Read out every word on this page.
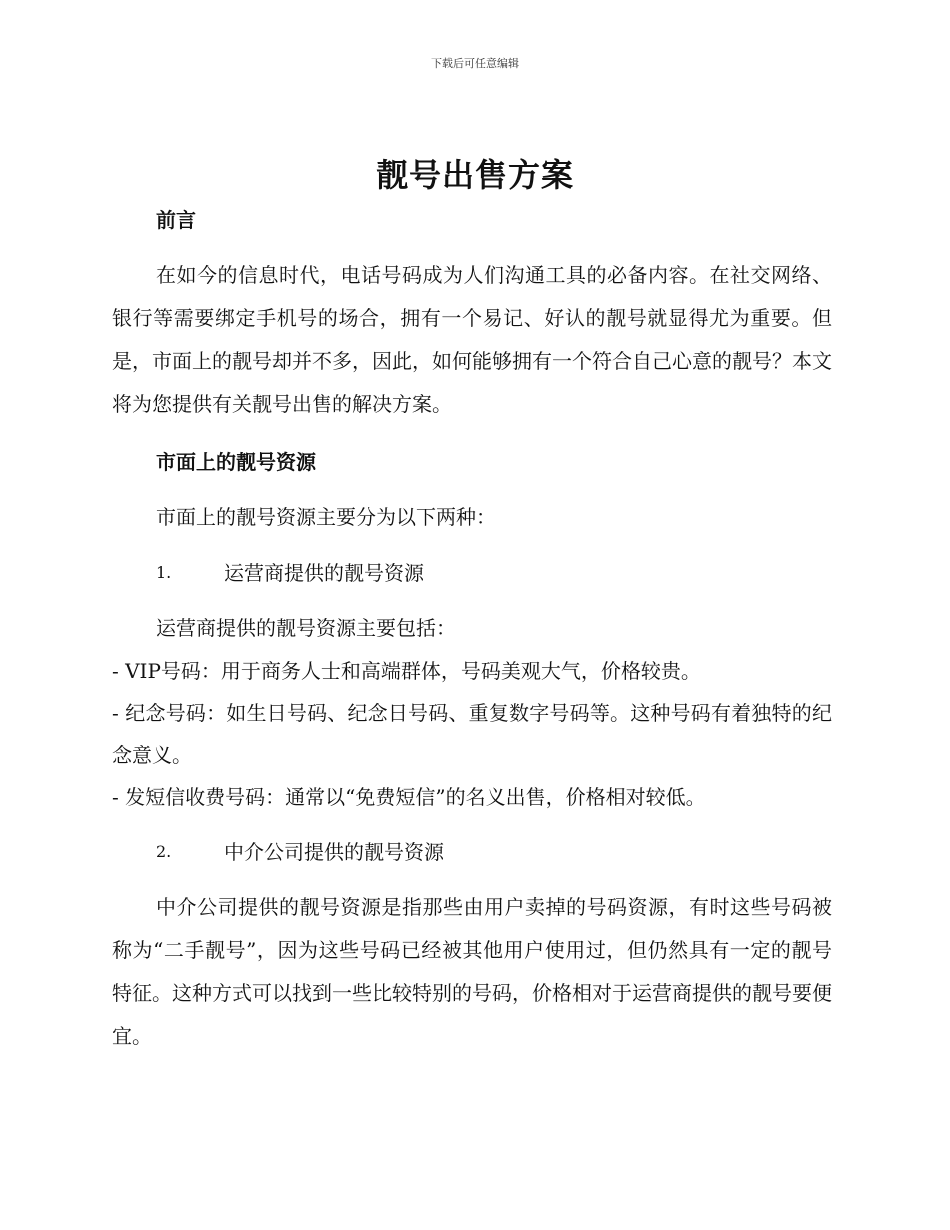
下载后可任意编辑
靓号出售方案
前言

在如今的信息时代，电话号码成为人们沟通工具的必备内容。在社交网络、银行等需要绑定手机号的场合，拥有一个易记、好认的靓号就显得尤为重要。但是，市面上的靓号却并不多，因此，如何能够拥有一个符合自己心意的靓号？本文将为您提供有关靓号出售的解决方案。

市面上的靓号资源

市面上的靓号资源主要分为以下两种：

1.	运营商提供的靓号资源

运营商提供的靓号资源主要包括：

- VIP号码：用于商务人士和高端群体，号码美观大气，价格较贵。

- 纪念号码：如生日号码、纪念日号码、重复数字号码等。这种号码有着独特的纪念意义。

- 发短信收费号码：通常以“免费短信”的名义出售，价格相对较低。

2.	中介公司提供的靓号资源

中介公司提供的靓号资源是指那些由用户卖掉的号码资源，有时这些号码被称为“二手靓号”，因为这些号码已经被其他用户使用过，但仍然具有一定的靓号特征。这种方式可以找到一些比较特别的号码，价格相对于运营商提供的靓号要便宜。
